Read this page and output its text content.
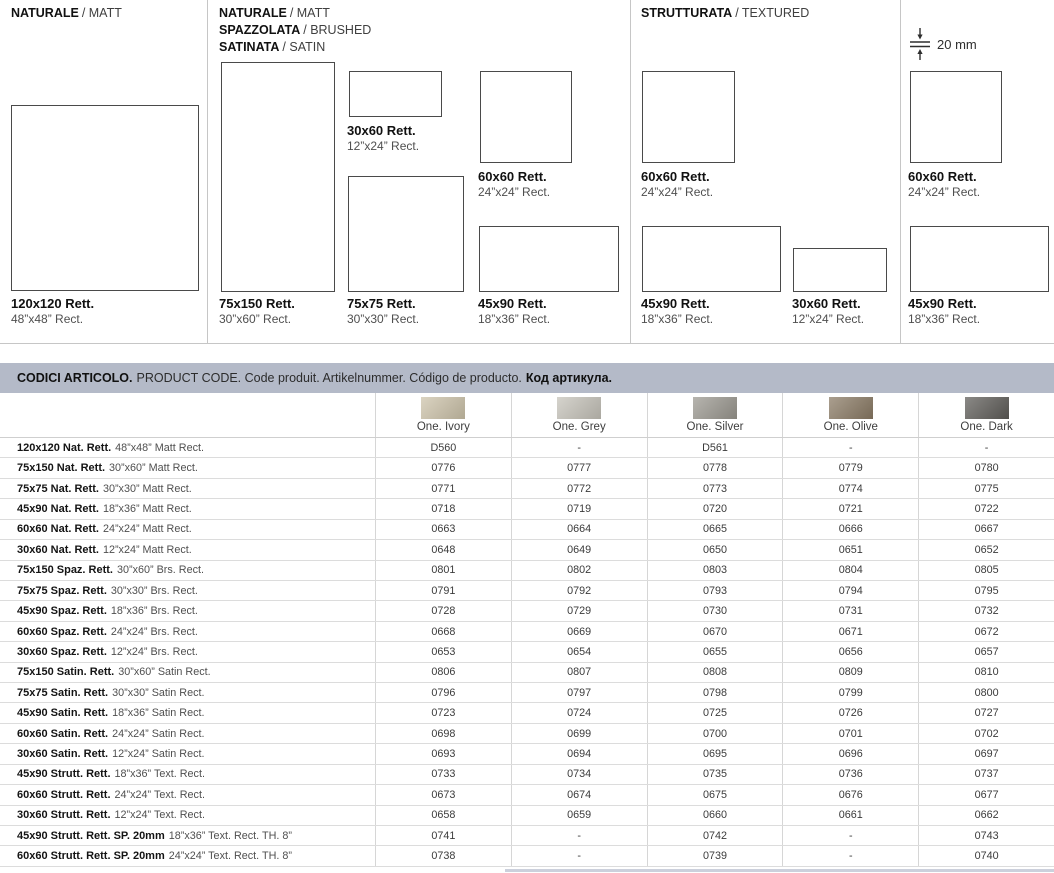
NATURALE / MATT	NATURALE / MATT
SPAZZOLATA / BRUSHED
SATINATA / SATIN
STRUTTURATA / TEXTURED
20 mm
120x120 Rett.
48”x48” Rect.
75x150 Rett.
30”x60” Rect.
30x60 Rett.
12”x24” Rect.
75x75 Rett.
30”x30” Rect.
60x60 Rett.
24”x24” Rect.
45x90 Rett.
18”x36” Rect.
60x60 Rett.
24”x24” Rect.
45x90 Rett.
18”x36” Rect.
30x60 Rett.
12”x24” Rect.
60x60 Rett.
24”x24” Rect.
45x90 Rett.
18”x36” Rect.
CODICI ARTICOLO. PRODUCT CODE. Code produit. Artikelnummer. Código de producto. Код артикула.
One. Ivory	One. Grey	One. Silver	One. Olive	One. Dark
120x120 Nat. Rett. 48”x48” Matt Rect.	D560	-	D561	-	-
75x150 Nat. Rett. 30”x60” Matt Rect.	0776	0777	0778	0779	0780
75x75 Nat. Rett. 30”x30” Matt Rect.	0771	0772	0773	0774	0775
45x90 Nat. Rett. 18”x36” Matt Rect.	0718	0719	0720	0721	0722
60x60 Nat. Rett. 24”x24” Matt Rect.	0663	0664	0665	0666	0667
30x60 Nat. Rett. 12”x24” Matt Rect.	0648	0649	0650	0651	0652
75x150 Spaz. Rett. 30”x60” Brs. Rect.	0801	0802	0803	0804	0805
75x75 Spaz. Rett. 30”x30” Brs. Rect.	0791	0792	0793	0794	0795
45x90 Spaz. Rett. 18”x36” Brs. Rect.	0728	0729	0730	0731	0732
60x60 Spaz. Rett. 24”x24” Brs. Rect.	0668	0669	0670	0671	0672
30x60 Spaz. Rett. 12”x24” Brs. Rect.	0653	0654	0655	0656	0657
75x150 Satin. Rett. 30”x60” Satin Rect.	0806	0807	0808	0809	0810
75x75 Satin. Rett. 30”x30” Satin Rect.	0796	0797	0798	0799	0800
45x90 Satin. Rett. 18”x36” Satin Rect.	0723	0724	0725	0726	0727
60x60 Satin. Rett. 24”x24” Satin Rect.	0698	0699	0700	0701	0702
30x60 Satin. Rett. 12”x24” Satin Rect.	0693	0694	0695	0696	0697
45x90 Strutt. Rett. 18”x36” Text. Rect.	0733	0734	0735	0736	0737
60x60 Strutt. Rett. 24”x24” Text. Rect.	0673	0674	0675	0676	0677
30x60 Strutt. Rett. 12”x24” Text. Rect.	0658	0659	0660	0661	0662
45x90 Strutt. Rett. SP. 20mm 18”x36” Text. Rect. TH. 8”	0741	-	0742	-	0743
60x60 Strutt. Rett. SP. 20mm 24”x24” Text. Rect. TH. 8”	0738	-	0739	-	0740
